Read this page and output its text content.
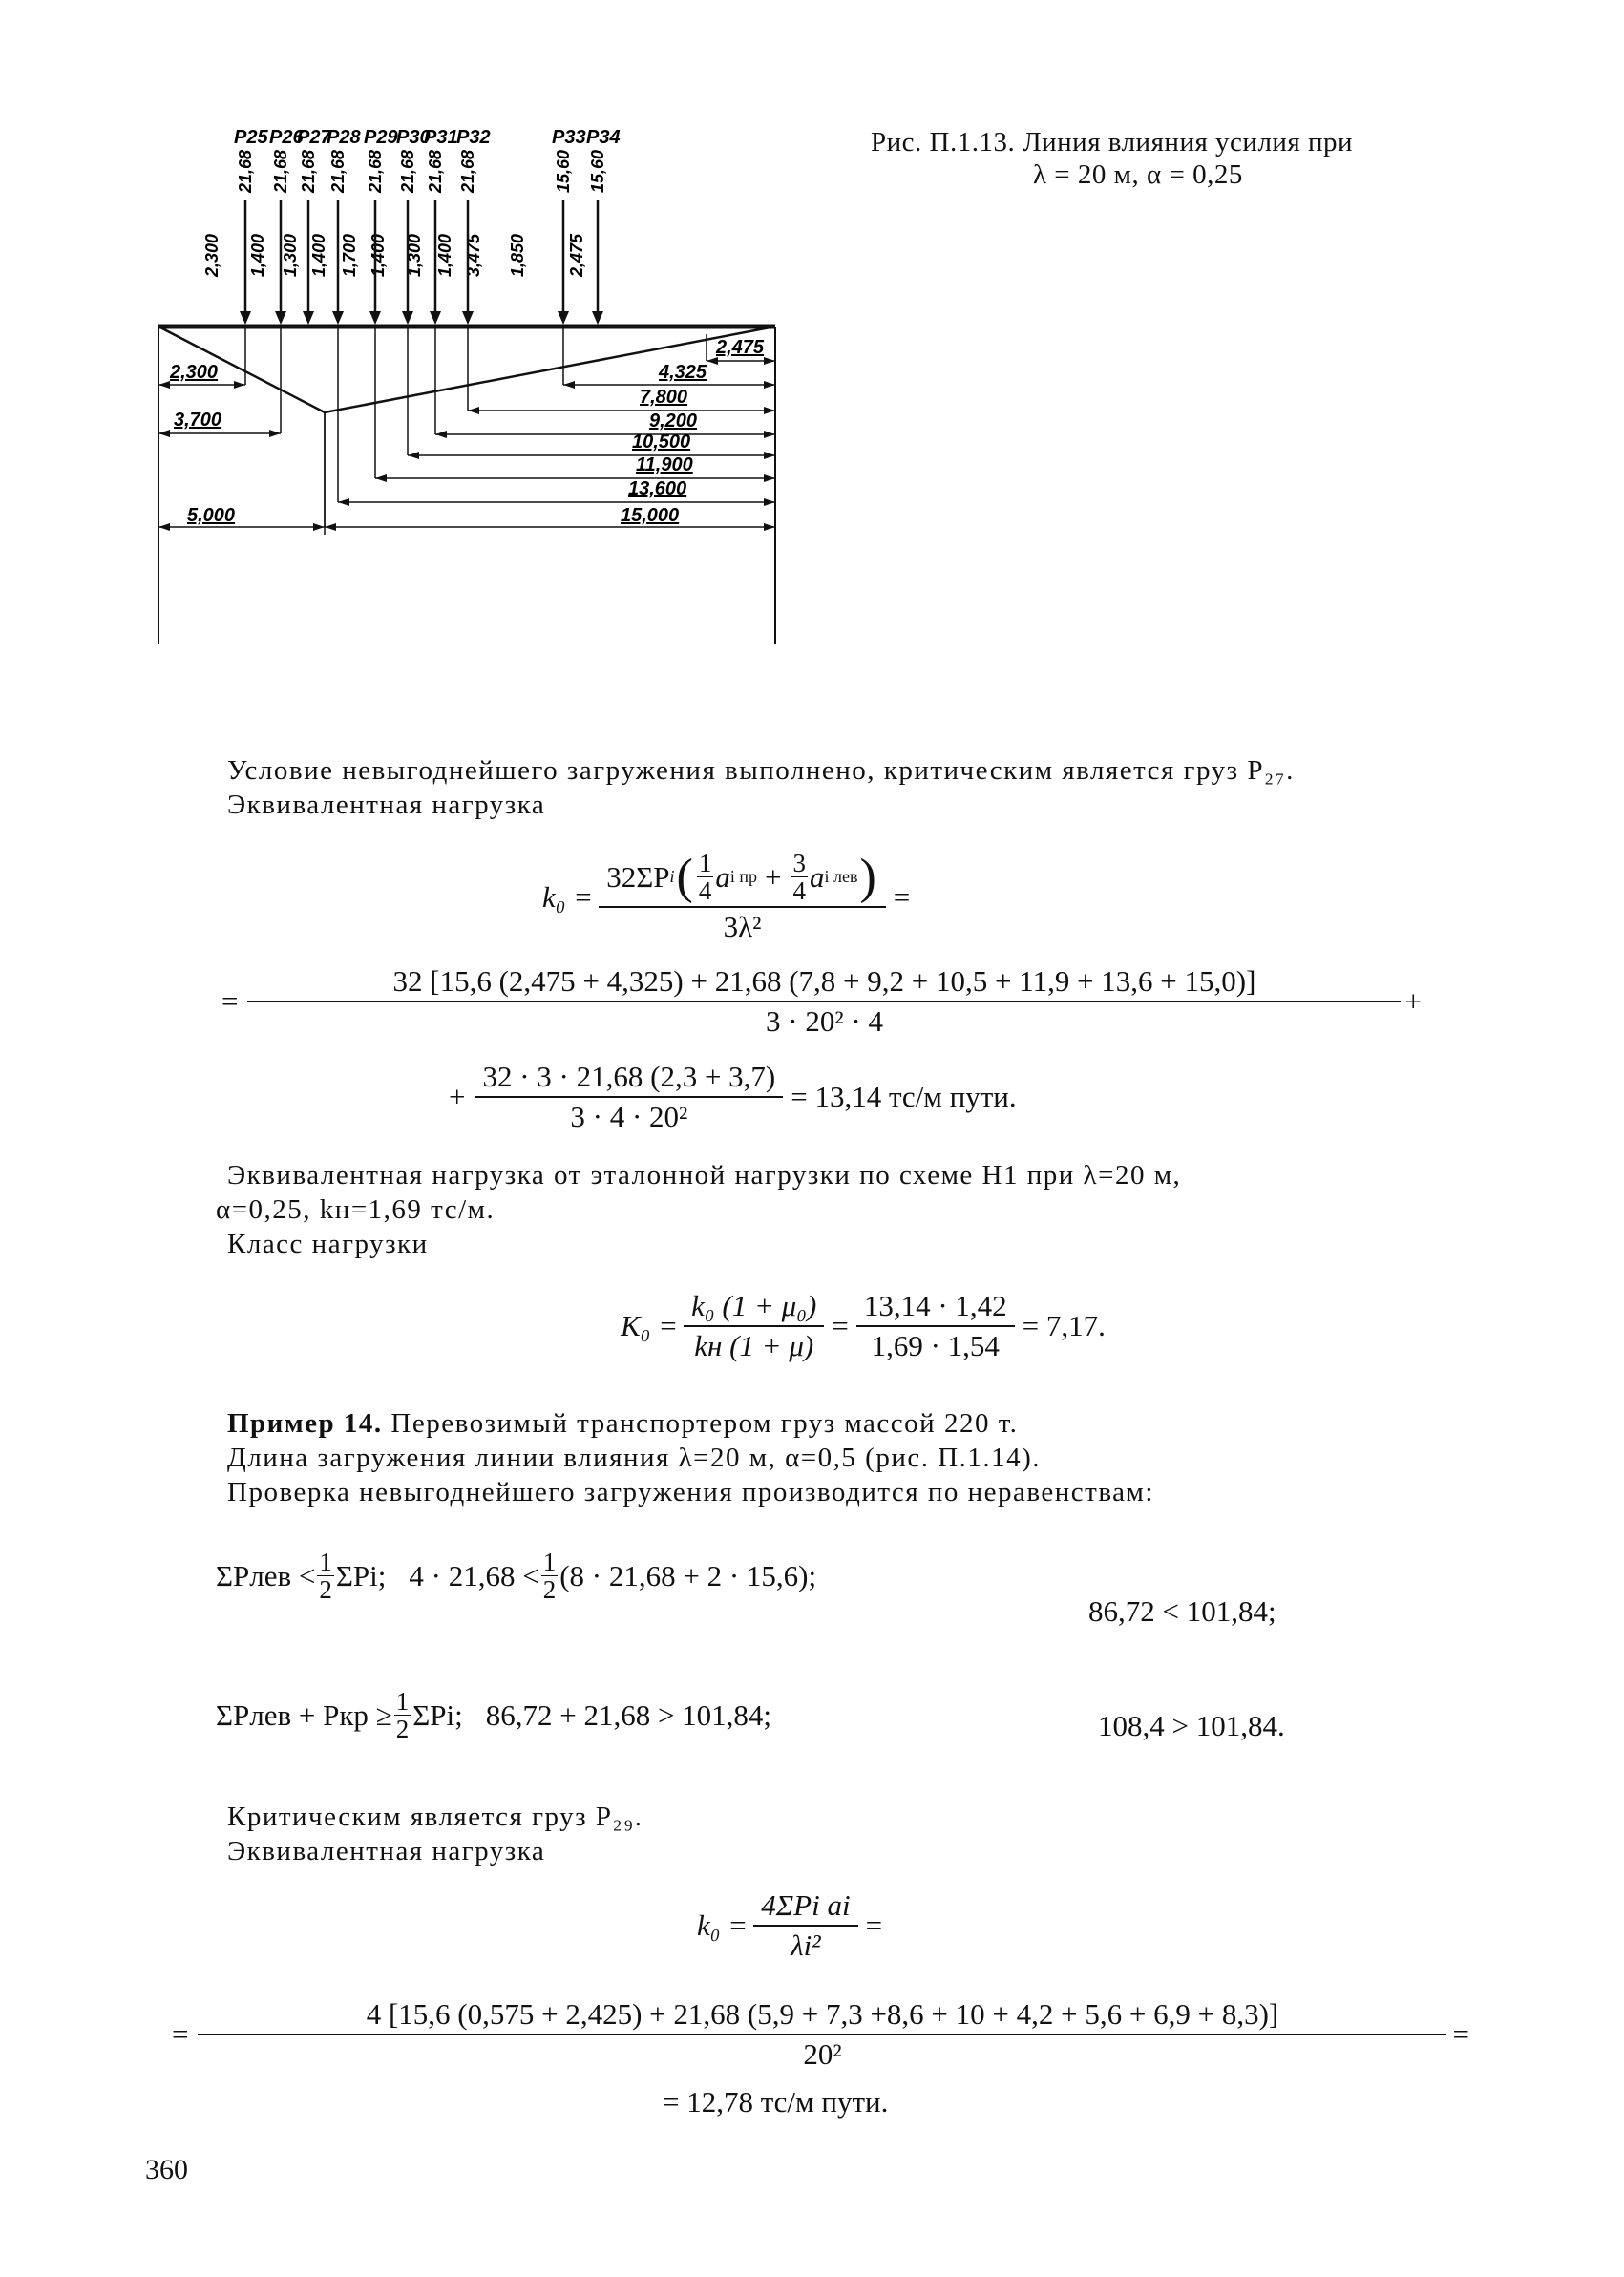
P25 P26
P27
P28 P29
P30
P31
P32	P33 P34
21,68 21,68 21,68 21,68 21,68 21,68 21,68 21,68	15,60 15,60
2,300 1,400 1,300 1,400 1,700 1,400 1,300 1,400 3,475 1,850 2,475
2,300
3,700
5,000
2,475
4,325
7,800
9,200
10,500
11,900
13,600
15,000
Рис. П.1.13. Линия влияния усилия при
λ = 20 м, α = 0,25
Условие невыгоднейшего загружения выполнено, критическим является груз P₂₇.
Эквивалентная нагрузка
k₀ =
32ΣP i ( 1
4 a i пр + $\frac{3}{4}$ a i лев )
3λ²
=
=
32 [15,6 (2,475 + 4,325) + 21,68 (7,8 + 9,2 + 10,5 + 11,9 + 13,6 + 15,0)]
3 · 20² · 4
+
+ $\frac{32 \cdot 3 \cdot 21,68 (2,3 + 3,7)}{\text{3 · 4 · 20²}} = 13,14$ тс/м пути.
Эквивалентная нагрузка от эталонной нагрузки по схеме Н1 при λ=20 м,
α=0,25, kн=1,69 тс/м.
Класс нагрузки
$K_0 = \frac{\text{k₀ (1 + μ₀)}}{kн (1 + \mu)} = \frac{13,14 \cdot 1,42}{1,69 \cdot 1,54} = 7,17$.
Пример 14. Перевозимый транспортером груз массой 220 т.
Длина загружения линии влияния λ=20 м, α=0,5 (рис. П.1.14).
Проверка невыгоднейшего загружения производится по неравенствам:
ΣPлев < 1
2 ΣPi; 4 · 21,68 < 1
2 (8 · 21,68 + 2 · 15,6);
86,72 < 101,84;
ΣPлев + Pкр ≥ $\frac{1}{2} \Sigma Pi$; 86,72 + 21,68 > 101,84;	108,4 > 101,84.
Критическим является груз P₂₉.
Эквивалентная нагрузка
$k_0 = \frac{\text{4ΣPi ai}}{\text{λi²}}$ =
=
4 [15,6 (0,575 + 2,425) + 21,68 (5,9 + 7,3 +8,6 + 10 + 4,2 + 5,6 + 6,9 + 8,3)]
20²
=
= 12,78 тс/м пути.
360
